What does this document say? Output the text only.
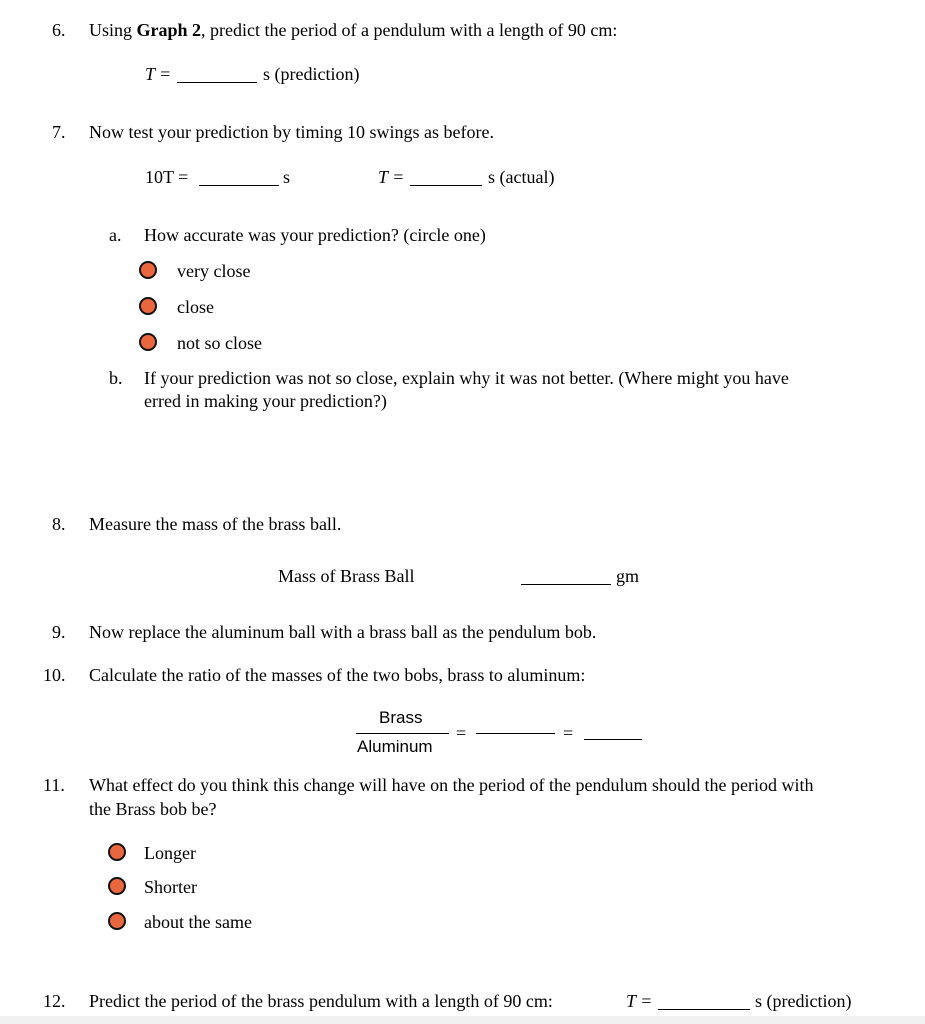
6. Using Graph 2, predict the period of a pendulum with a length of 90 cm:
T =	s (prediction)
7. Now test your prediction by timing 10 swings as before.
10T =	s	T =	s (actual)
a. How accurate was your prediction? (circle one)
very close
close
not so close
b. If your prediction was not so close, explain why it was not better. (Where might you have
erred in making your prediction?)
8. Measure the mass of the brass ball.
Mass of Brass Ball	gm
9. Now replace the aluminum ball with a brass ball as the pendulum bob.
10. Calculate the ratio of the masses of the two bobs, brass to aluminum:
Brass
Aluminum
=	=
11. What effect do you think this change will have on the period of the pendulum should the period with
the Brass bob be?
Longer
Shorter
about the same
12. Predict the period of the brass pendulum with a length of 90 cm:	T =	s (prediction)
